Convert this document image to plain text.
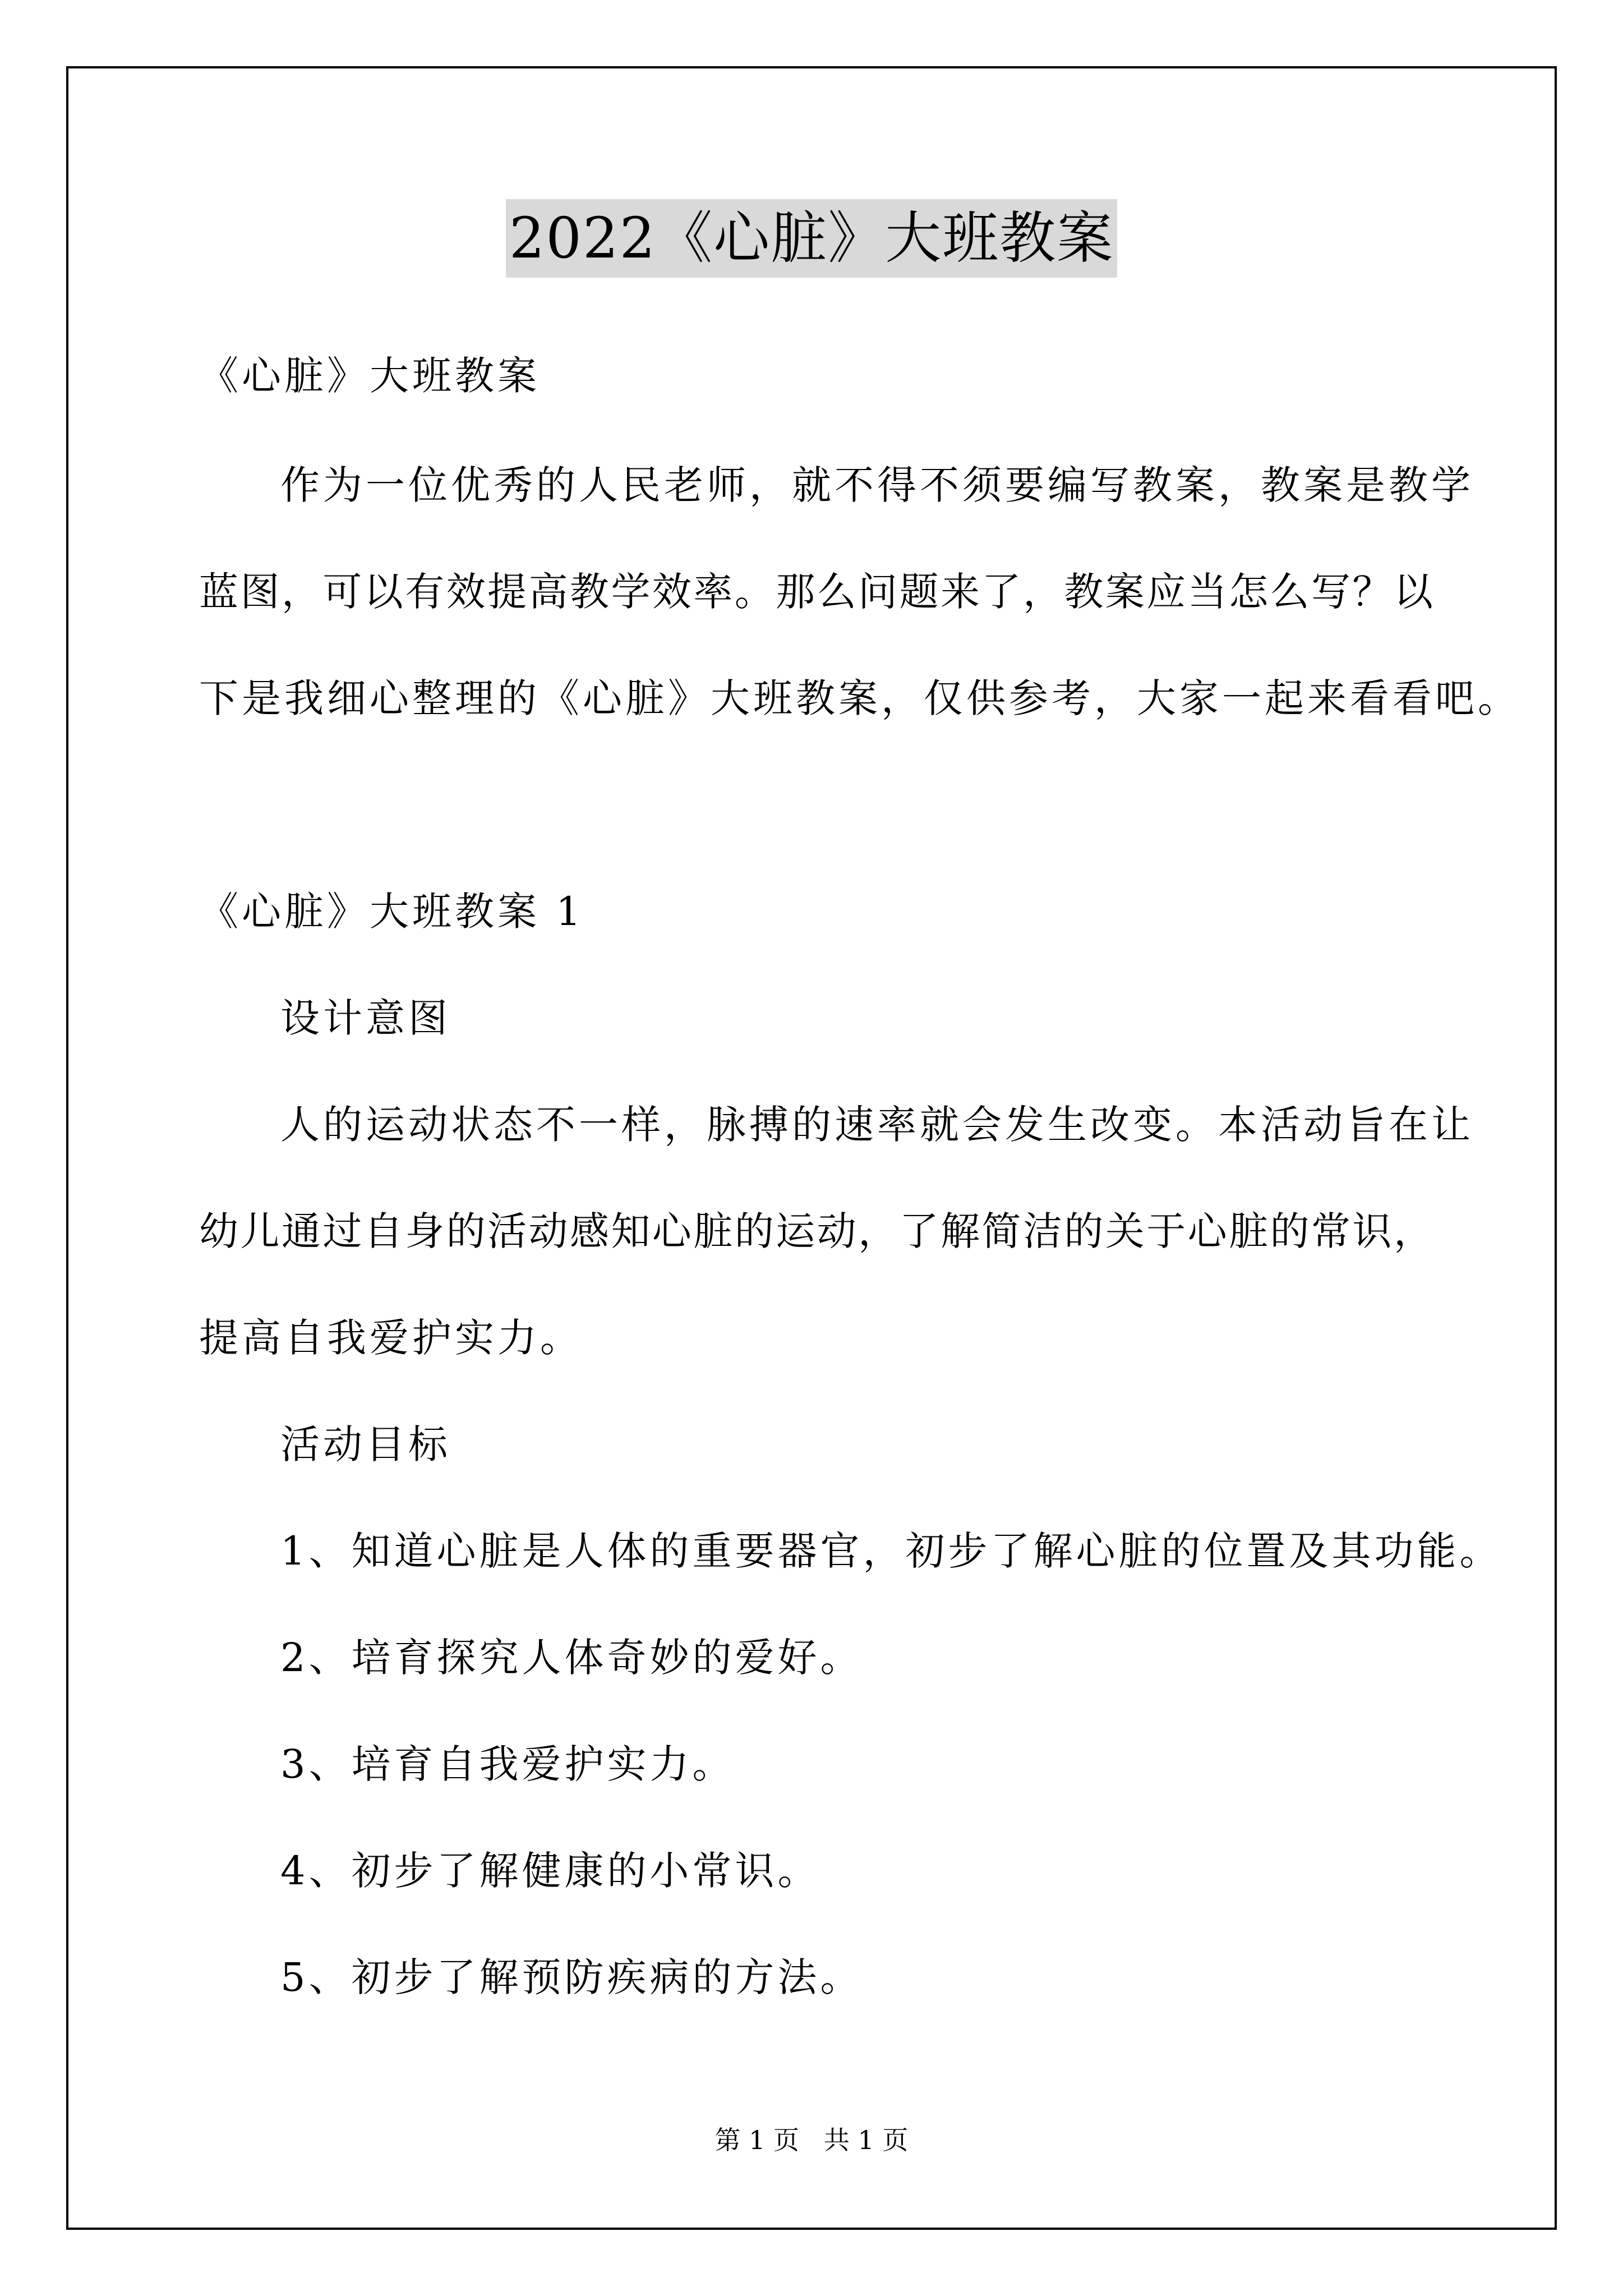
2022《心脏》大班教案
《心脏》大班教案
作为一位优秀的人民老师，就不得不须要编写教案，教案是教学
蓝图，可以有效提高教学效率。那么问题来了，教案应当怎么写？以
下是我细心整理的《心脏》大班教案，仅供参考，大家一起来看看吧。
《心脏》大班教案 1
设计意图
人的运动状态不一样，脉搏的速率就会发生改变。本活动旨在让
幼儿通过自身的活动感知心脏的运动，了解简洁的关于心脏的常识，
提高自我爱护实力。
活动目标
1、知道心脏是人体的重要器官，初步了解心脏的位置及其功能。
2、培育探究人体奇妙的爱好。
3、培育自我爱护实力。
4、初步了解健康的小常识。
5、初步了解预防疾病的方法。
第 1 页   共 1 页
